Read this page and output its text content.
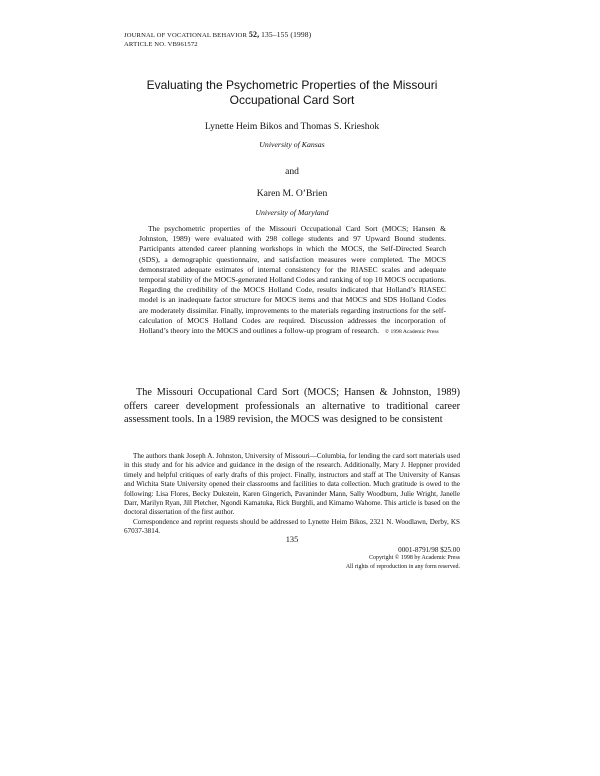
JOURNAL OF VOCATIONAL BEHAVIOR 52, 135–155 (1998)
ARTICLE NO. VB961572
Evaluating the Psychometric Properties of the Missouri
Occupational Card Sort
Lynette Heim Bikos and Thomas S. Krieshok
University of Kansas
and
Karen M. O’Brien
University of Maryland

The psychometric properties of the Missouri Occupational Card Sort (MOCS; Hansen & Johnston, 1989) were evaluated with 298 college students and 97 Upward Bound students. Participants attended career planning workshops in which the MOCS, the Self-Directed Search (SDS), a demographic questionnaire, and satisfaction measures were completed. The MOCS demonstrated adequate estimates of internal consistency for the RIASEC scales and adequate temporal stability of the MOCS-generated Holland Codes and ranking of top 10 MOCS occupations. Regarding the credibility of the MOCS Holland Code, results indicated that Holland’s RIASEC model is an inadequate factor structure for MOCS items and that MOCS and SDS Holland Codes are moderately dissimilar. Finally, improvements to the materials regarding instructions for the self-calculation of MOCS Holland Codes are required. Discussion addresses the incorporation of Holland’s theory into the MOCS and outlines a follow-up program of research. © 1998 Academic Press

The Missouri Occupational Card Sort (MOCS; Hansen & Johnston, 1989) offers career development professionals an alternative to traditional career assessment tools. In a 1989 revision, the MOCS was designed to be consistent

The authors thank Joseph A. Johnston, University of Missouri—Columbia, for lending the card sort materials used in this study and for his advice and guidance in the design of the research. Additionally, Mary J. Heppner provided timely and helpful critiques of early drafts of this project. Finally, instructors and staff at The University of Kansas and Wichita State University opened their classrooms and facilities to data collection. Much gratitude is owed to the following: Lisa Flores, Becky Dukstein, Karen Gingerich, Pavaninder Mann, Sally Woodburn, Julie Wright, Janelle Darr, Marilyn Ryan, Jill Pletcher, Ngondi Kamatuka, Rick Burghli, and Kimamo Wahome. This article is based on the doctoral dissertation of the first author.

Correspondence and reprint requests should be addressed to Lynette Heim Bikos, 2321 N. Woodlawn, Derby, KS 67037-3814.

135
0001-8791/98 $25.00
Copyright © 1998 by Academic Press
All rights of reproduction in any form reserved.
